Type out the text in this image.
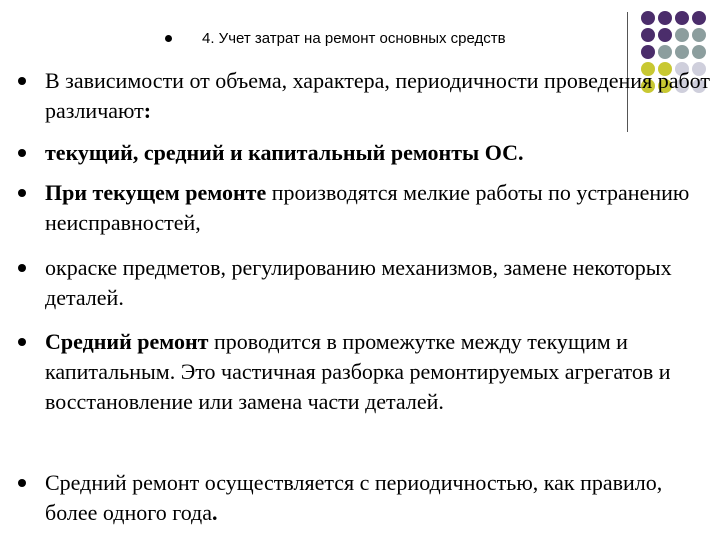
4. Учет затрат на ремонт основных средств
В зависимости от объема, характера, периодичности проведения работ различают:
текущий, средний и капитальный ремонты ОС.
При текущем ремонте производятся мелкие работы по устранению неисправностей,
окраске предметов, регулированию механизмов, замене некоторых деталей.
Средний ремонт проводится в промежутке между текущим и капитальным. Это частичная разборка ремонтируемых агрегатов и восстановление или замена части деталей.
Средний ремонт осуществляется с периодичностью, как правило, более одного года.
